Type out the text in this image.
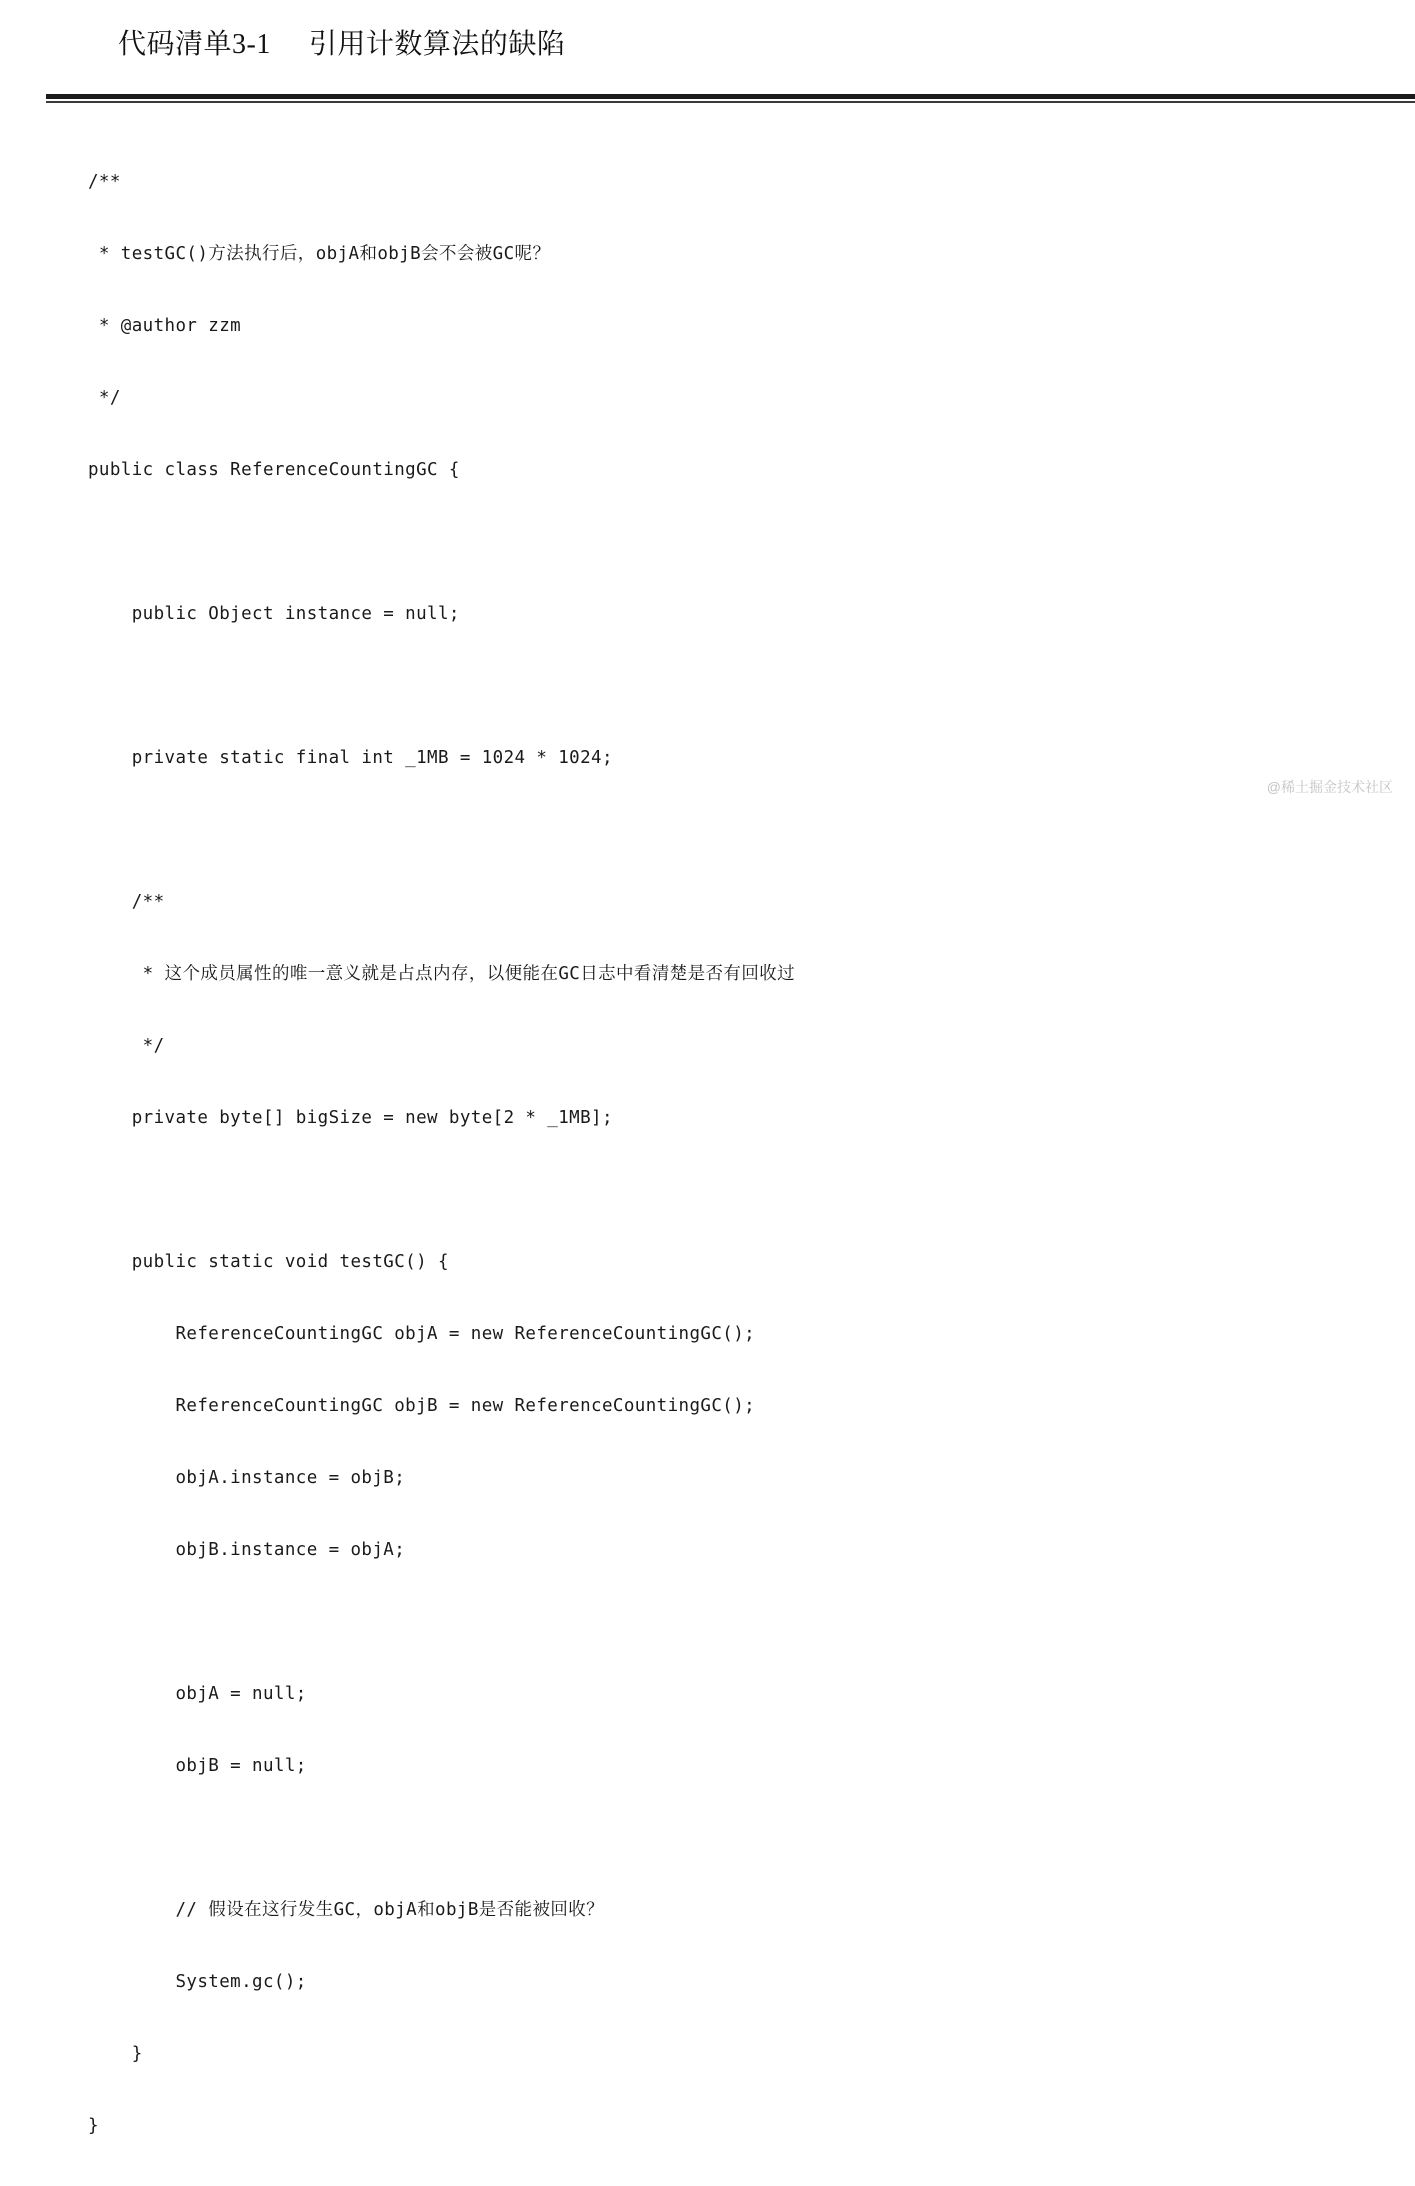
代码清单3-1 引用计数算法的缺陷

/**

* testGC()方法执行后，objA和objB会不会被GC呢？

* @author zzm

*/

public class ReferenceCountingGC {

public Object instance = null;

private static final int _1MB = 1024 * 1024;

/**

* 这个成员属性的唯一意义就是占点内存，以便能在GC日志中看清楚是否有回收过

*/

private byte[] bigSize = new byte[2 * _1MB];

public static void testGC() {

ReferenceCountingGC objA = new ReferenceCountingGC();

ReferenceCountingGC objB = new ReferenceCountingGC();

objA.instance = objB;

objB.instance = objA;

objA = null;

objB = null;

// 假设在这行发生GC，objA和objB是否能被回收？

System.gc();

}

}

@稀土掘金技术社区
